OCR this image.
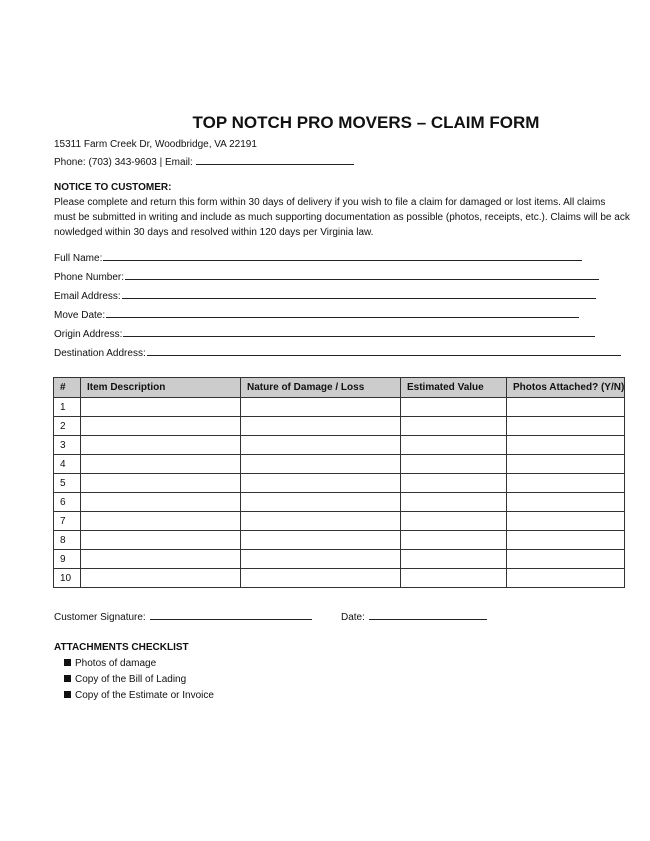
TOP NOTCH PRO MOVERS – CLAIM FORM
15311 Farm Creek Dr, Woodbridge, VA 22191
Phone: (703) 343-9603 | Email:
NOTICE TO CUSTOMER:
Please complete and return this form within 30 days of delivery if you wish to file a claim for damaged or lost items. All claims
must be submitted in writing and include as much supporting documentation as possible (photos, receipts, etc.). Claims will be ack
nowledged within 30 days and resolved within 120 days per Virginia law.
Full Name:
Phone Number:
Email Address:
Move Date:
Origin Address:
Destination Address:
#	Item Description	Nature of Damage / Loss	Estimated Value	Photos Attached? (Y/N)
1				
2				
3				
4				
5				
6				
7				
8				
9				
10				
Customer Signature:	Date:
ATTACHMENTS CHECKLIST
Photos of damage
Copy of the Bill of Lading
Copy of the Estimate or Invoice
